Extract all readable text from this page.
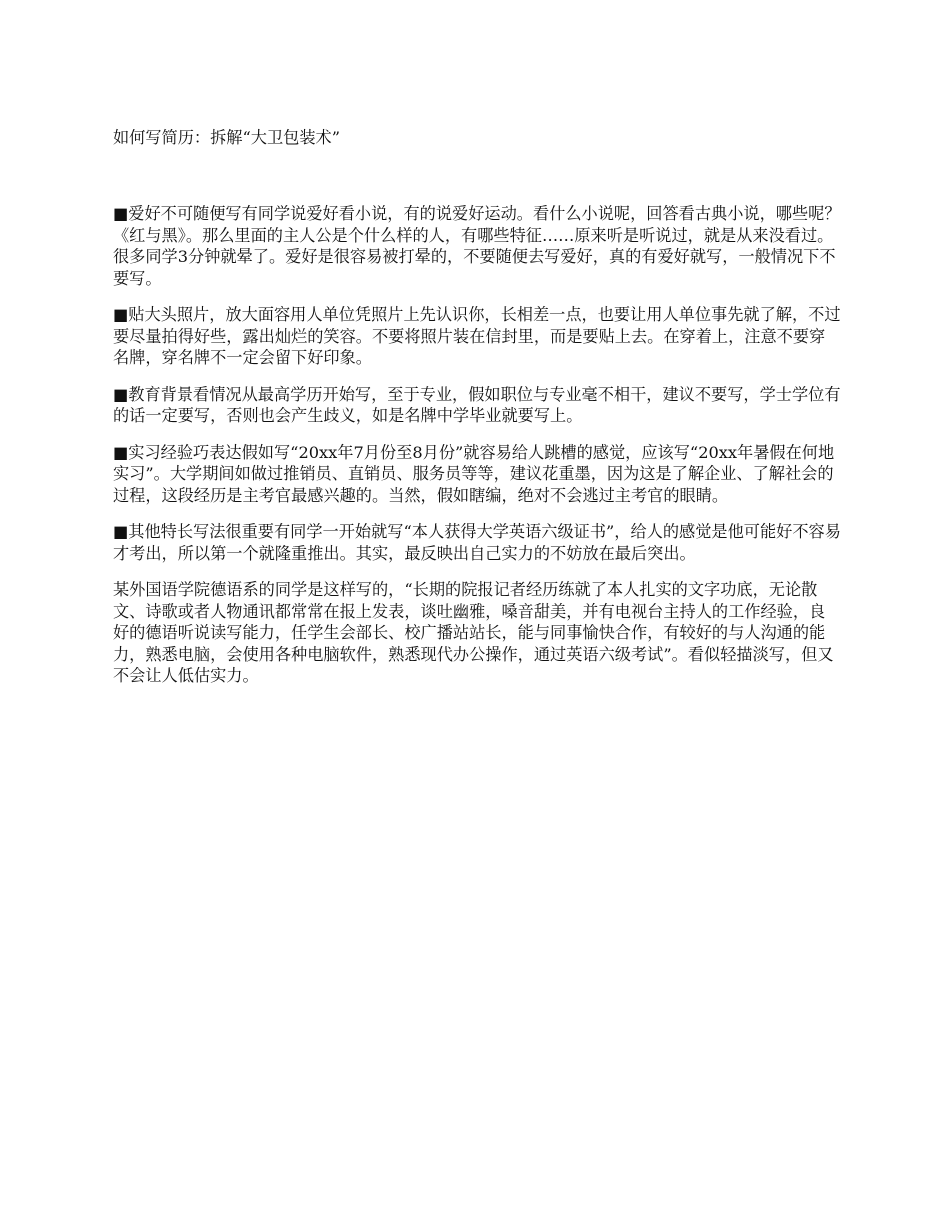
如何写简历：拆解“大卫包装术”

■爱好不可随便写有同学说爱好看小说，有的说爱好运动。看什么小说呢，回答看古典小说，哪些呢？《红与黑》。那么里面的主人公是个什么样的人，有哪些特征……原来听是听说过，就是从来没看过。很多同学3分钟就晕了。爱好是很容易被打晕的，不要随便去写爱好，真的有爱好就写，一般情况下不要写。

■贴大头照片，放大面容用人单位凭照片上先认识你，长相差一点，也要让用人单位事先就了解，不过要尽量拍得好些，露出灿烂的笑容。不要将照片装在信封里，而是要贴上去。在穿着上，注意不要穿名牌，穿名牌不一定会留下好印象。

■教育背景看情况从最高学历开始写，至于专业，假如职位与专业毫不相干，建议不要写，学士学位有的话一定要写，否则也会产生歧义，如是名牌中学毕业就要写上。

■实习经验巧表达假如写“20xx年7月份至8月份”就容易给人跳槽的感觉，应该写“20xx年暑假在何地实习”。大学期间如做过推销员、直销员、服务员等等，建议花重墨，因为这是了解企业、了解社会的过程，这段经历是主考官最感兴趣的。当然，假如瞎编，绝对不会逃过主考官的眼睛。

■其他特长写法很重要有同学一开始就写“本人获得大学英语六级证书”，给人的感觉是他可能好不容易才考出，所以第一个就隆重推出。其实，最反映出自己实力的不妨放在最后突出。

某外国语学院德语系的同学是这样写的，“长期的院报记者经历练就了本人扎实的文字功底，无论散文、诗歌或者人物通讯都常常在报上发表，谈吐幽雅，嗓音甜美，并有电视台主持人的工作经验，良好的德语听说读写能力，任学生会部长、校广播站站长，能与同事愉快合作，有较好的与人沟通的能力，熟悉电脑，会使用各种电脑软件，熟悉现代办公操作，通过英语六级考试”。看似轻描淡写，但又不会让人低估实力。
